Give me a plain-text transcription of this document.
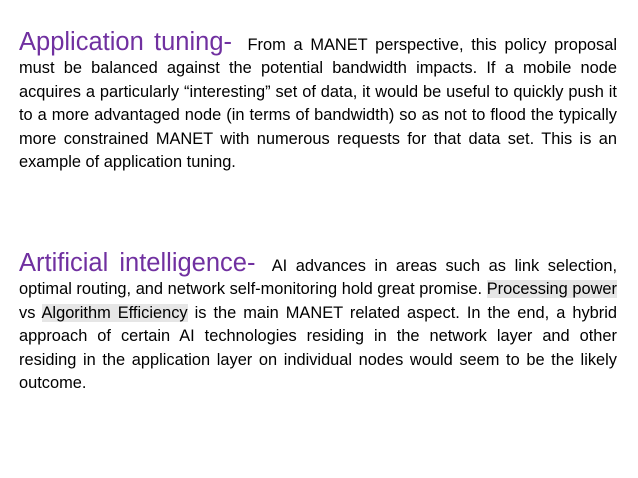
Application tuning- From a MANET perspective, this policy proposal must be balanced against the potential bandwidth impacts. If a mobile node acquires a particularly “interesting” set of data, it would be useful to quickly push it to a more advantaged node (in terms of bandwidth) so as not to flood the typically more constrained MANET with numerous requests for that data set. This is an example of application tuning.

Artificial intelligence- AI advances in areas such as link selection, optimal routing, and network self-monitoring hold great promise. Processing power vs Algorithm Efficiency is the main MANET related aspect. In the end, a hybrid approach of certain AI technologies residing in the network layer and other residing in the application layer on individual nodes would seem to be the likely outcome.
